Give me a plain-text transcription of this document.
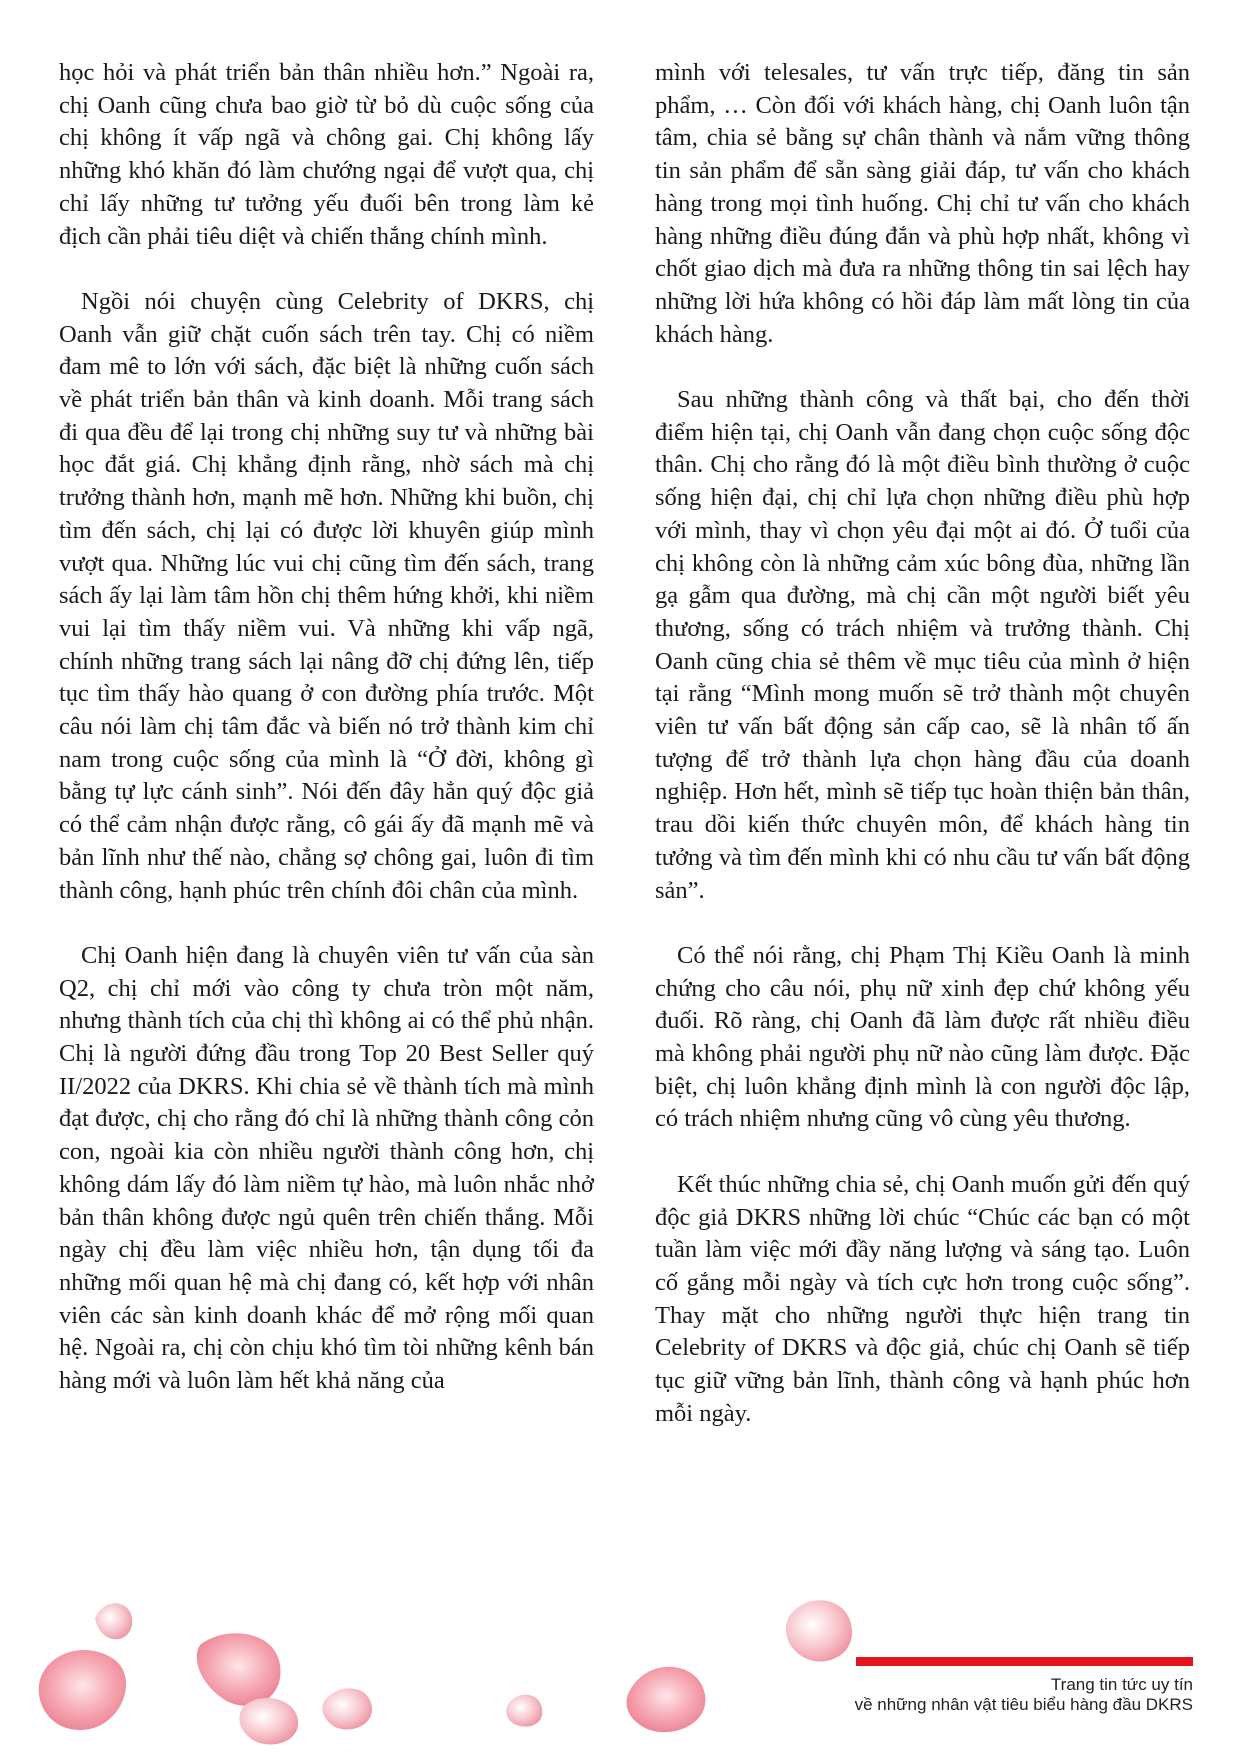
học hỏi và phát triển bản thân nhiều hơn.” Ngoài ra, chị Oanh cũng chưa bao giờ từ bỏ dù cuộc sống của chị không ít vấp ngã và chông gai. Chị không lấy những khó khăn đó làm chướng ngại để vượt qua, chị chỉ lấy những tư tưởng yếu đuối bên trong làm kẻ địch cần phải tiêu diệt và chiến thắng chính mình.

Ngồi nói chuyện cùng Celebrity of DKRS, chị Oanh vẫn giữ chặt cuốn sách trên tay. Chị có niềm đam mê to lớn với sách, đặc biệt là những cuốn sách về phát triển bản thân và kinh doanh. Mỗi trang sách đi qua đều để lại trong chị những suy tư và những bài học đắt giá. Chị khẳng định rằng, nhờ sách mà chị trưởng thành hơn, mạnh mẽ hơn. Những khi buồn, chị tìm đến sách, chị lại có được lời khuyên giúp mình vượt qua. Những lúc vui chị cũng tìm đến sách, trang sách ấy lại làm tâm hồn chị thêm hứng khởi, khi niềm vui lại tìm thấy niềm vui. Và những khi vấp ngã, chính những trang sách lại nâng đỡ chị đứng lên, tiếp tục tìm thấy hào quang ở con đường phía trước. Một câu nói làm chị tâm đắc và biến nó trở thành kim chỉ nam trong cuộc sống của mình là “Ở đời, không gì bằng tự lực cánh sinh”. Nói đến đây hẳn quý độc giả có thể cảm nhận được rằng, cô gái ấy đã mạnh mẽ và bản lĩnh như thế nào, chẳng sợ chông gai, luôn đi tìm thành công, hạnh phúc trên chính đôi chân của mình.

Chị Oanh hiện đang là chuyên viên tư vấn của sàn Q2, chị chỉ mới vào công ty chưa tròn một năm, nhưng thành tích của chị thì không ai có thể phủ nhận. Chị là người đứng đầu trong Top 20 Best Seller quý II/2022 của DKRS. Khi chia sẻ về thành tích mà mình đạt được, chị cho rằng đó chỉ là những thành công cỏn con, ngoài kia còn nhiều người thành công hơn, chị không dám lấy đó làm niềm tự hào, mà luôn nhắc nhở bản thân không được ngủ quên trên chiến thắng. Mỗi ngày chị đều làm việc nhiều hơn, tận dụng tối đa những mối quan hệ mà chị đang có, kết hợp với nhân viên các sàn kinh doanh khác để mở rộng mối quan hệ. Ngoài ra, chị còn chịu khó tìm tòi những kênh bán hàng mới và luôn làm hết khả năng của

mình với telesales, tư vấn trực tiếp, đăng tin sản phẩm, … Còn đối với khách hàng, chị Oanh luôn tận tâm, chia sẻ bằng sự chân thành và nắm vững thông tin sản phẩm để sẵn sàng giải đáp, tư vấn cho khách hàng trong mọi tình huống. Chị chỉ tư vấn cho khách hàng những điều đúng đắn và phù hợp nhất, không vì chốt giao dịch mà đưa ra những thông tin sai lệch hay những lời hứa không có hồi đáp làm mất lòng tin của khách hàng.

Sau những thành công và thất bại, cho đến thời điểm hiện tại, chị Oanh vẫn đang chọn cuộc sống độc thân. Chị cho rằng đó là một điều bình thường ở cuộc sống hiện đại, chị chỉ lựa chọn những điều phù hợp với mình, thay vì chọn yêu đại một ai đó. Ở tuổi của chị không còn là những cảm xúc bông đùa, những lần gạ gẫm qua đường, mà chị cần một người biết yêu thương, sống có trách nhiệm và trưởng thành. Chị Oanh cũng chia sẻ thêm về mục tiêu của mình ở hiện tại rằng “Mình mong muốn sẽ trở thành một chuyên viên tư vấn bất động sản cấp cao, sẽ là nhân tố ấn tượng để trở thành lựa chọn hàng đầu của doanh nghiệp. Hơn hết, mình sẽ tiếp tục hoàn thiện bản thân, trau dồi kiến thức chuyên môn, để khách hàng tin tưởng và tìm đến mình khi có nhu cầu tư vấn bất động sản”.

Có thể nói rằng, chị Phạm Thị Kiều Oanh là minh chứng cho câu nói, phụ nữ xinh đẹp chứ không yếu đuối. Rõ ràng, chị Oanh đã làm được rất nhiều điều mà không phải người phụ nữ nào cũng làm được. Đặc biệt, chị luôn khẳng định mình là con người độc lập, có trách nhiệm nhưng cũng vô cùng yêu thương.

Kết thúc những chia sẻ, chị Oanh muốn gửi đến quý độc giả DKRS những lời chúc “Chúc các bạn có một tuần làm việc mới đầy năng lượng và sáng tạo. Luôn cố gắng mỗi ngày và tích cực hơn trong cuộc sống”. Thay mặt cho những người thực hiện trang tin Celebrity of DKRS và độc giả, chúc chị Oanh sẽ tiếp tục giữ vững bản lĩnh, thành công và hạnh phúc hơn mỗi ngày.

Trang tin tức uy tín
về những nhân vật tiêu biểu hàng đầu DKRS
